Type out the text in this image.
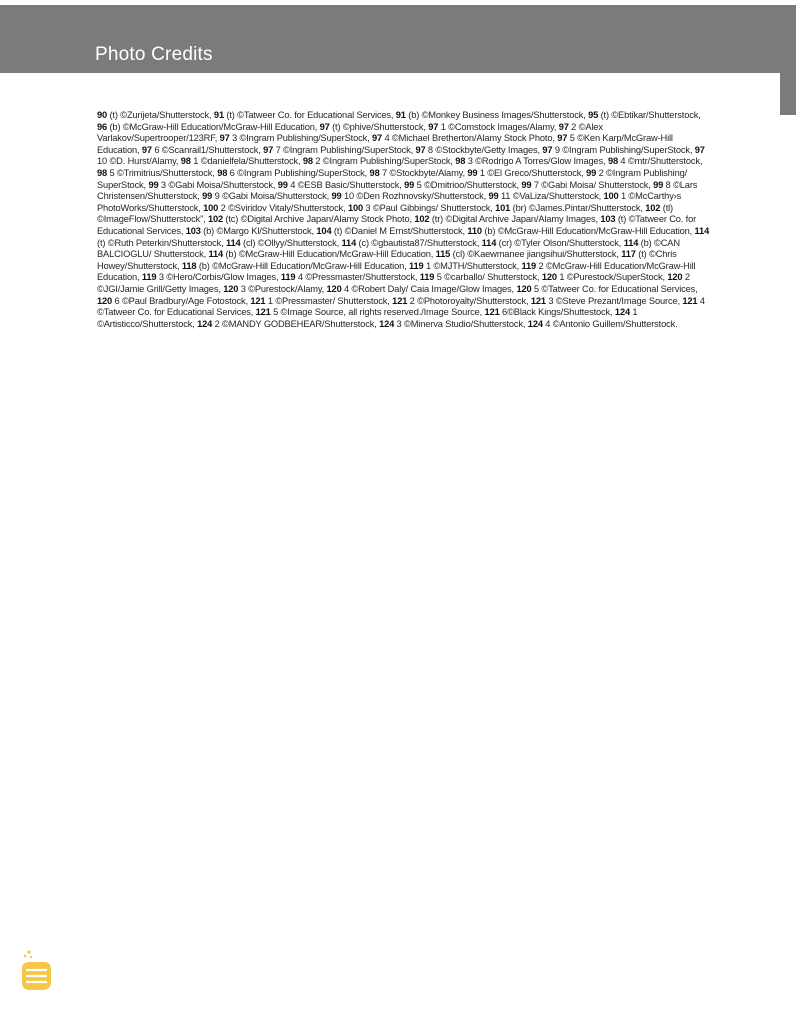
Photo Credits

90 (t) ©Zurijeta/Shutterstock, 91 (t) ©Tatweer Co. for Educational Services, 91 (b) ©Monkey Business Images/Shutterstock, 95 (t) ©Ebtikar/Shutterstock, 96 (b) ©McGraw-Hill Education/McGraw-Hill Education, 97 (t) ©phive/Shutterstock, 97 1 ©Comstock Images/Alamy, 97 2 ©Alex Varlakov/Supertrooper/123RF, 97 3 ©Ingram Publishing/SuperStock, 97 4 ©Michael Bretherton/Alamy Stock Photo, 97 5 ©Ken Karp/McGraw-Hill Education, 97 6 ©Scanrail1/Shutterstock, 97 7 ©Ingram Publishing/SuperStock, 97 8 ©Stockbyte/Getty Images, 97 9 ©Ingram Publishing/SuperStock, 97 10 ©D. Hurst/Alamy, 98 1 ©danielfela/Shutterstock, 98 2 ©Ingram Publishing/SuperStock, 98 3 ©Rodrigo A Torres/Glow Images, 98 4 ©mtr/Shutterstock, 98 5 ©Trimitrius/Shutterstock, 98 6 ©Ingram Publishing/SuperStock, 98 7 ©Stockbyte/Alamy, 99 1 ©El Greco/Shutterstock, 99 2 ©Ingram Publishing/ SuperStock, 99 3 ©Gabi Moisa/Shutterstock, 99 4 ©ESB Basic/Shutterstock, 99 5 ©Dmitrioo/Shutterstock, 99 7 ©Gabi Moisa/ Shutterstock, 99 8 ©Lars Christensen/Shutterstock, 99 9 ©Gabi Moisa/Shutterstock, 99 10 ©Den Rozhnovsky/Shutterstock, 99 11 ©VaLiza/Shutterstock, 100 1 ©McCarthy›s PhotoWorks/Shutterstock, 100 2 ©Sviridov Vitaly/Shutterstock, 100 3 ©Paul Gibbings/ Shutterstock, 101 (br) ©James.Pintar/Shutterstock, 102 (tl) ©ImageFlow/Shutterstock”, 102 (tc) ©Digital Archive Japan/Alamy Stock Photo, 102 (tr) ©Digital Archive Japan/Alamy Images, 103 (t) ©Tatweer Co. for Educational Services, 103 (b) ©Margo Kl/Shutterstock, 104 (t) ©Daniel M Ernst/Shutterstock, 110 (b) ©McGraw-Hill Education/McGraw-Hill Education, 114 (t) ©Ruth Peterkin/Shutterstock, 114 (cl) ©Ollyy/Shutterstock, 114 (c) ©gbautista87/Shutterstock, 114 (cr) ©Tyler Olson/Shutterstock, 114 (b) ©CAN BALCIOGLU/ Shutterstock, 114 (b) ©McGraw-Hill Education/McGraw-Hill Education, 115 (cl) ©Kaewmanee jiangsihui/Shutterstock, 117 (t) ©Chris Howey/Shutterstock, 118 (b) ©McGraw-Hill Education/McGraw-Hill Education, 119 1 ©MJTH/Shutterstock, 119 2 ©McGraw-Hill Education/McGraw-Hill Education, 119 3 ©Hero/Corbis/Glow Images, 119 4 ©Pressmaster/Shutterstock, 119 5 ©carballo/ Shutterstock, 120 1 ©Purestock/SuperStock, 120 2 ©JGI/Jamie Grill/Getty Images, 120 3 ©Purestock/Alamy, 120 4 ©Robert Daly/ Caia Image/Glow Images, 120 5 ©Tatweer Co. for Educational Services, 120 6 ©Paul Bradbury/Age Fotostock, 121 1 ©Pressmaster/ Shutterstock, 121 2 ©Photoroyalty/Shutterstock, 121 3 ©Steve Prezant/Image Source, 121 4 ©Tatweer Co. for Educational Services, 121 5 ©Image Source, all rights reserved./Image Source, 121 6©Black Kings/Shuttestock, 124 1 ©Artisticco/Shutterstock, 124 2 ©MANDY GODBEHEAR/Shutterstock, 124 3 ©Minerva Studio/Shutterstock, 124 4 ©Antonio Guillem/Shutterstock.
